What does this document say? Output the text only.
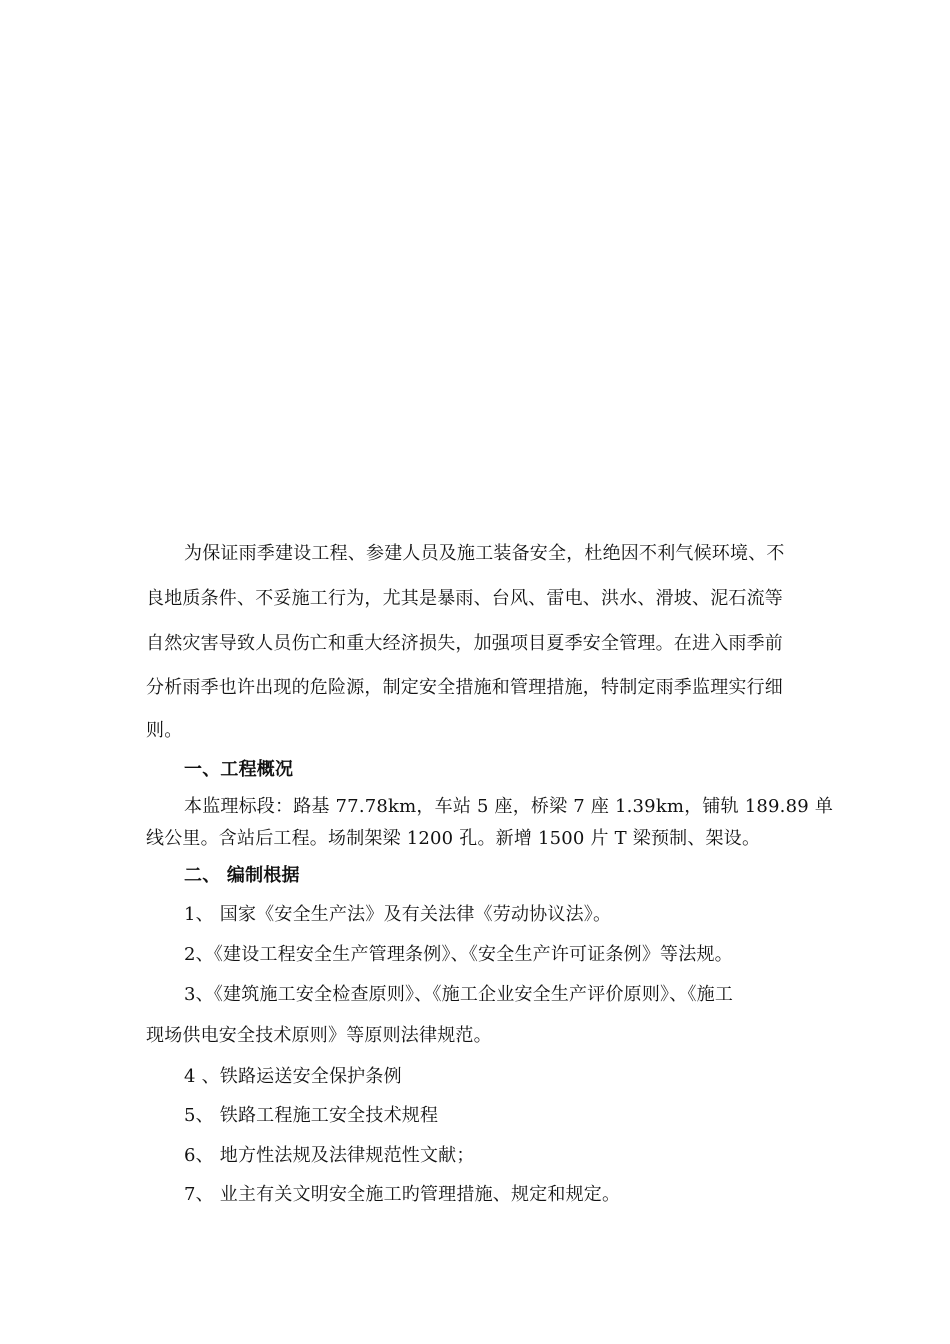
为保证雨季建设工程、参建人员及施工装备安全，杜绝因不利气候环境、不
良地质条件、不妥施工行为，尤其是暴雨、台风、雷电、洪水、滑坡、泥石流等
自然灾害导致人员伤亡和重大经济损失，加强项目夏季安全管理。在进入雨季前
分析雨季也许出现的危险源，制定安全措施和管理措施，特制定雨季监理实行细
则。
一、工程概况
本监理标段：路基 77.78km，车站 5 座，桥梁 7 座 1.39km，铺轨 189.89 单
线公里。含站后工程。场制架梁 1200 孔。新增 1500 片 T 梁预制、架设。
二、 编制根据
1、 国家《安全生产法》及有关法律《劳动协议法》。
2、《建设工程安全生产管理条例》、《安全生产许可证条例》等法规。
3、《建筑施工安全检查原则》、《施工企业安全生产评价原则》、《施工
现场供电安全技术原则》等原则法律规范。
4 、铁路运送安全保护条例
5、 铁路工程施工安全技术规程
6、 地方性法规及法律规范性文献；
7、 业主有关文明安全施工旳管理措施、规定和规定。
